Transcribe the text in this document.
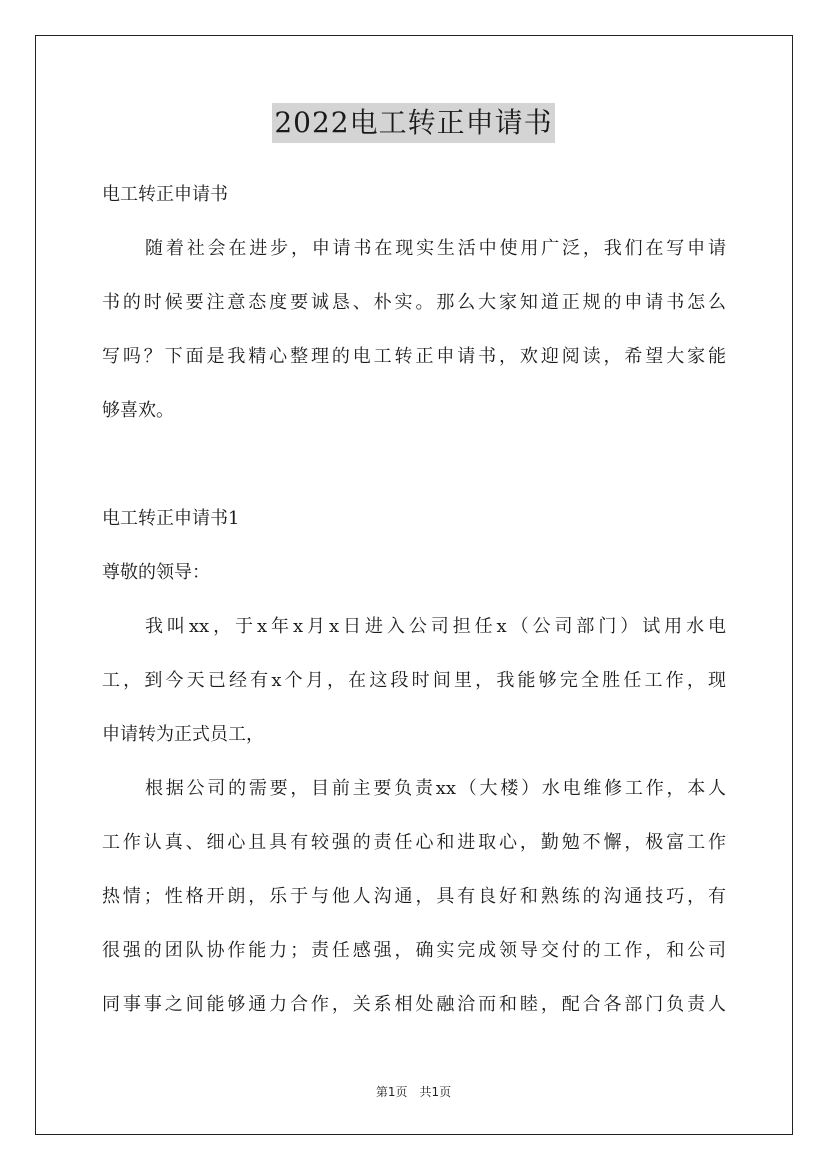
2022电工转正申请书
电工转正申请书
随着社会在进步，申请书在现实生活中使用广泛，我们在写申请
书的时候要注意态度要诚恳、朴实。那么大家知道正规的申请书怎么
写吗？下面是我精心整理的电工转正申请书，欢迎阅读，希望大家能
够喜欢。
电工转正申请书1
尊敬的领导：
我叫xx，于x年x月x日进入公司担任x（公司部门）试用水电
工，到今天已经有x个月，在这段时间里，我能够完全胜任工作，现
申请转为正式员工，
根据公司的需要，目前主要负责xx（大楼）水电维修工作，本人
工作认真、细心且具有较强的责任心和进取心，勤勉不懈，极富工作
热情；性格开朗，乐于与他人沟通，具有良好和熟练的沟通技巧，有
很强的团队协作能力；责任感强，确实完成领导交付的工作，和公司
同事事之间能够通力合作，关系相处融洽而和睦，配合各部门负责人
第1页　共1页
